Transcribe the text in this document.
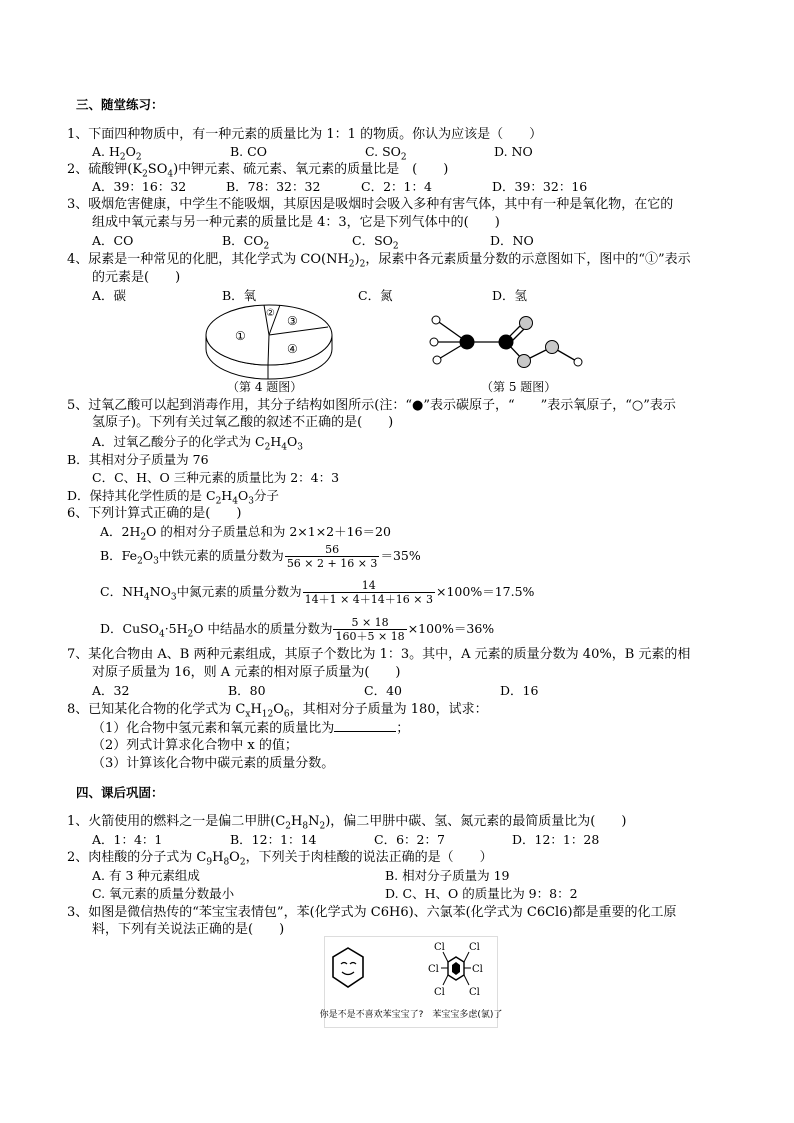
三、随堂练习：
1、下面四种物质中，有一种元素的质量比为 1：1 的物质。你认为应该是（　　）
A. $H_2O_2$	B. CO	C. $SO_2$	D. NO
2、硫酸钾$(K_2SO_4)$中钾元素、硫元素、氧元素的质量比是　(　　)
A．39：16：32	B．78：32：32	C．2：1：4	D．39：32：16
3、吸烟危害健康，中学生不能吸烟，其原因是吸烟时会吸入多种有害气体，其中有一种是氧化物，在它的
组成中氧元素与另一种元素的质量比是 4：3，它是下列气体中的(　　)
A．CO	B．$CO_2$	C．$SO_2$	D．NO
4、尿素是一种常见的化肥，其化学式为 $CO(NH_2)_2$，尿素中各元素质量分数的示意图如下，图中的“①”表示
的元素是(　　)
A．碳	B．氧	C．氮	D．氢
①
②
③
④
（第 4 题图）	（第 5 题图）
5、过氧乙酸可以起到消毒作用，其分子结构如图所示(注：“●”表示碳原子，“　　”表示氧原子，“○”表示
氢原子)。下列有关过氧乙酸的叙述不正确的是(　　)
A．过氧乙酸分子的化学式为 $C_2H_4O_3$
B．其相对分子质量为 76
C．C、H、O 三种元素的质量比为 2：4：3
D．保持其化学性质的是 $C_2H_4O_3$分子
6、下列计算式正确的是(　　)
A．$2H_2O$ 的相对分子质量总和为 2×1×2＋16＝20
B．$Fe_2O_3$中铁元素的质量分数为 $\frac{56}{56 \times 2 + 16 \times 3} =35\%$
C．$NH_4NO_3$中氮元素的质量分数为 $\frac{14}{14+1 \times 4+14+16 \times 3} \times 100\%=17.5\%$
D．$CuSO_4\cdot 5H_2O$ 中结晶水的质量分数为 $\frac{5 \times 18}{160+5 \times 18} \times 100\%=36\%$
7、某化合物由 A、B 两种元素组成，其原子个数比为 1：3。其中，A 元素的质量分数为 40%，B 元素的相
对原子质量为 16，则 A 元素的相对原子质量为(　　)
A．32	B．80	C．40	D．16
8、已知某化合物的化学式为 $C_xH_{12}O_6$，其相对分子质量为 180，试求：
（1）化合物中氢元素和氧元素的质量比为	；
（2）列式计算求化合物中 x 的值；
（3）计算该化合物中碳元素的质量分数。
四、课后巩固：
1、火箭使用的燃料之一是偏二甲肼$(C_2H_8N_2)$，偏二甲肼中碳、氢、氮元素的最简质量比为(　　)
A．1：4：1	B．12：1：14	C．6：2：7	D．12：1：28
2、肉桂酸的分子式为 $C_9H_8O_2$，下列关于肉桂酸的说法正确的是（　　）
A. 有 3 种元素组成	B. 相对分子质量为 19
C. 氧元素的质量分数最小	D. C、H、O 的质量比为 9：8：2
3、如图是微信热传的“苯宝宝表情包”，苯(化学式为 C6H6)、六氯苯(化学式为 C6Cl6)都是重要的化工原
料，下列有关说法正确的是(　　)
Cl Cl
Cl	Cl
Cl Cl
你是不是不喜欢苯宝宝了?　苯宝宝多虑(氯)了
